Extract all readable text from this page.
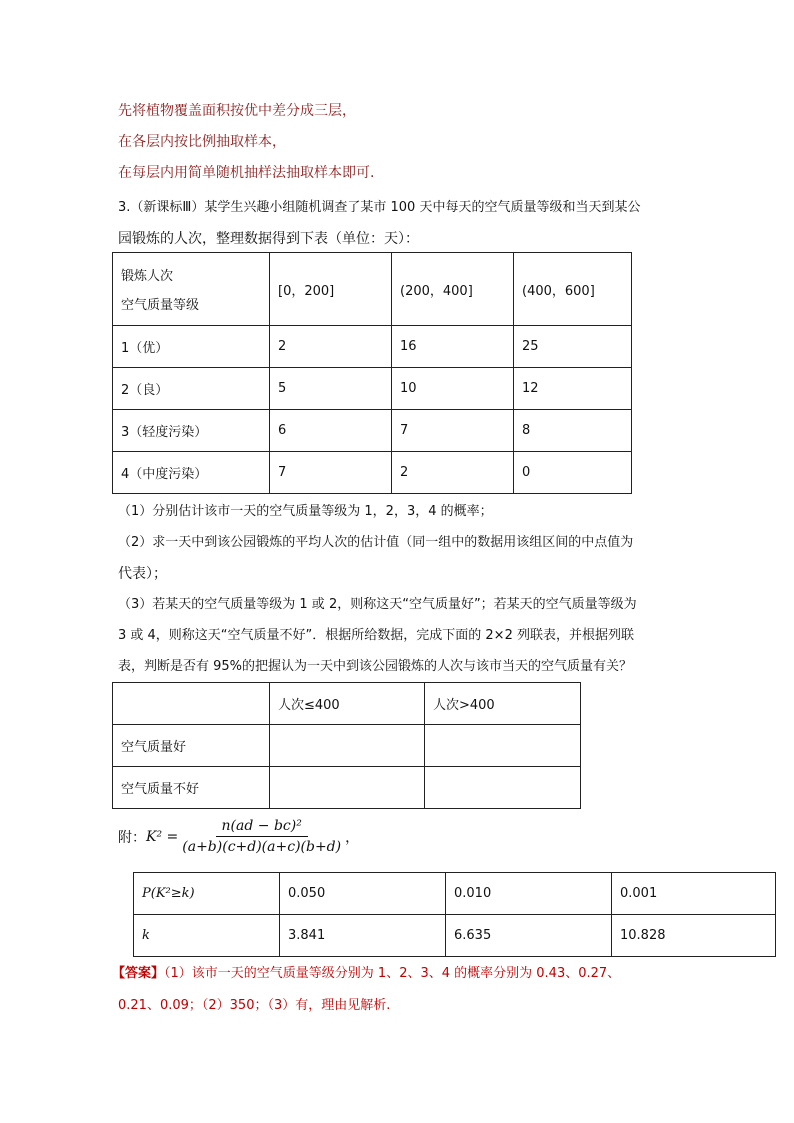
先将植物覆盖面积按优中差分成三层，
在各层内按比例抽取样本，
在每层内用简单随机抽样法抽取样本即可.
3.（新课标Ⅲ）某学生兴趣小组随机调查了某市 100 天中每天的空气质量等级和当天到某公
园锻炼的人次，整理数据得到下表（单位：天）：
锻炼人次
空气质量等级	[0，200]	(200，400]	(400，600]
1（优）	2	16	25
2（良）	5	10	12
3（轻度污染）	6	7	8
4（中度污染）	7	2	0
（1）分别估计该市一天的空气质量等级为 1，2，3，4 的概率；
（2）求一天中到该公园锻炼的平均人次的估计值（同一组中的数据用该组区间的中点值为
代表）；
（3）若某天的空气质量等级为 1 或 2，则称这天“空气质量好”；若某天的空气质量等级为
3 或 4，则称这天“空气质量不好”．根据所给数据，完成下面的 2×2 列联表，并根据列联
表，判断是否有 95%的把握认为一天中到该公园锻炼的人次与该市当天的空气质量有关？
	人次≤400	人次>400
空气质量好		
空气质量不好		
附： $K^2 = \frac{\text{n(ad − bc)²}}{(a+b)(c+d)(a+c)(b+d)}$ ，
P(K²≥k)	0.050	0.010	0.001
k	3.841	6.635	10.828
【答案】（1）该市一天的空气质量等级分别为 1、2、3、4 的概率分别为 0.43、0.27、
0.21、0.09；（2）350；（3）有，理由见解析.
